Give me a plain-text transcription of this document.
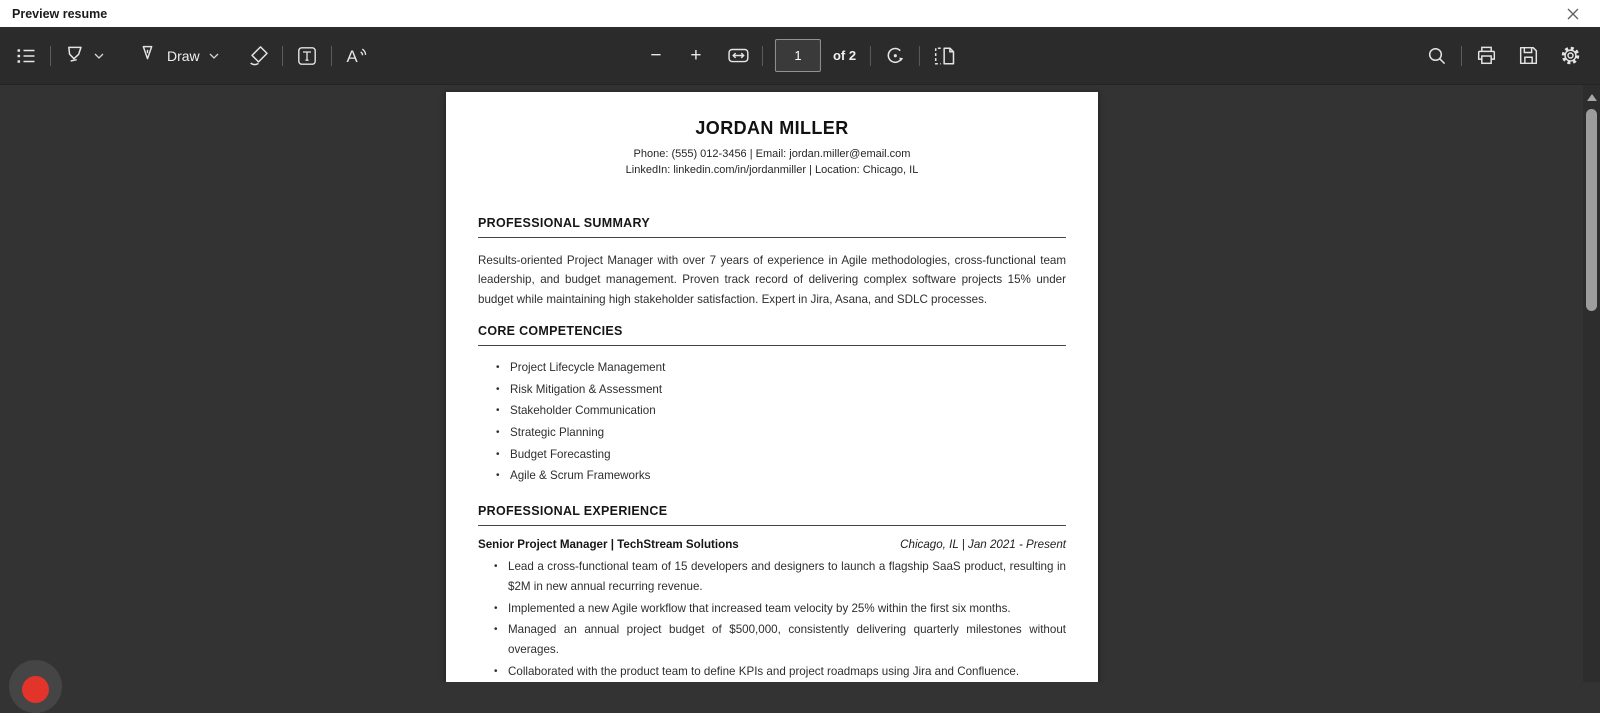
Preview resume
Draw	A	− +
1	of 2
JORDAN MILLER
Phone: (555) 012-3456 | Email: jordan.miller@email.com
LinkedIn: linkedin.com/in/jordanmiller | Location: Chicago, IL
PROFESSIONAL SUMMARY

Results-oriented Project Manager with over 7 years of experience in Agile methodologies, cross-functional team leadership, and budget management. Proven track record of delivering complex software projects 15% under budget while maintaining high stakeholder satisfaction. Expert in Jira, Asana, and SDLC processes.

CORE COMPETENCIES
• Project Lifecycle Management
• Risk Mitigation & Assessment
• Stakeholder Communication
• Strategic Planning
• Budget Forecasting
• Agile & Scrum Frameworks
PROFESSIONAL EXPERIENCE
Senior Project Manager | TechStream Solutions	Chicago, IL | Jan 2021 - Present
• Lead a cross-functional team of 15 developers and designers to launch a flagship SaaS product, resulting in $2M in new annual recurring revenue.
• Implemented a new Agile workflow that increased team velocity by 25% within the first six months.
• Managed an annual project budget of $500,000, consistently delivering quarterly milestones without overages.
• Collaborated with the product team to define KPIs and project roadmaps using Jira and Confluence.
